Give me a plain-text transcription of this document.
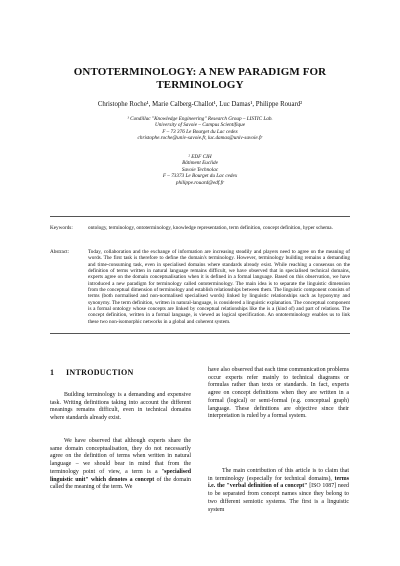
ONTOTERMINOLOGY: A NEW PARADIGM FOR
TERMINOLOGY
Christophe Roche¹, Marie Calberg-Challot¹, Luc Damas¹, Philippe Rouard²
¹ Condillac "Knowledge Engineering" Research Group – LISTIC Lab.
University of Savoie – Campus Scientifique
F – 73 376 Le Bourget du Lac cedex
christophe.roche@univ-savoie.fr, luc.damas@univ-savoie.fr
² EDF CIH
Bâtiment Euclide
Savoie Technolac
F – 73373 Le Bourget du Lac cedex
philippe.rouard@edf.fr
Keywords:	ontology, terminology, ontoterminology, knowledge representation, term definition, concept definition, hyper schema.
Abstract:	Today, collaboration and the exchange of information are increasing steadily and players need to agree on the meaning of words. The first task is therefore to define the domain's terminology. However, terminology building remains a demanding and time-consuming task, even in specialised domains where standards already exist. While reaching a consensus on the definition of terms written in natural language remains difficult, we have observed that in specialised technical domains, experts agree on the domain conceptualisation when it is defined in a formal language. Based on this observation, we have introduced a new paradigm for terminology called ontoterminology. The main idea is to separate the linguistic dimension from the conceptual dimension of terminology and establish relationships between them. The linguistic component consists of terms (both normalised and non-normalised specialised words) linked by linguistic relationships such as hyponymy and synonymy. The term definition, written in natural-language, is considered a linguistic explanation. The conceptual component is a formal ontology whose concepts are linked by conceptual relationships like the is a (kind of) and part of relations. The concept definition, written in a formal language, is viewed as logical specification. An ontoterminology enables us to link these two non-isomorphic networks in a global and coherent system.
1 INTRODUCTION

Building terminology is a demanding and expensive task. Writing definitions taking into account the different meanings remains difficult, even in technical domains where standards already exist.

We have observed that although experts share the same domain conceptualisation, they do not necessarily agree on the definition of terms when written in natural language – we should bear in mind that from the terminology point of view, a term is a "specialised linguistic unit" which denotes a concept of the domain called the meaning of the term. We

have also observed that each time communication problems occur experts refer mainly to technical diagrams or formulas rather than texts or standards. In fact, experts agree on concept definitions when they are written in a formal (logical) or semi-formal (e.g. conceptual graph) language. These definitions are objective since their interpretation is ruled by a formal system.

The main contribution of this article is to claim that in terminology (especially for technical domains), terms i.e. the "verbal definition of a concept" [ISO 1087] need to be separated from concept names since they belong to two different semiotic systems. The first is a linguistic system
